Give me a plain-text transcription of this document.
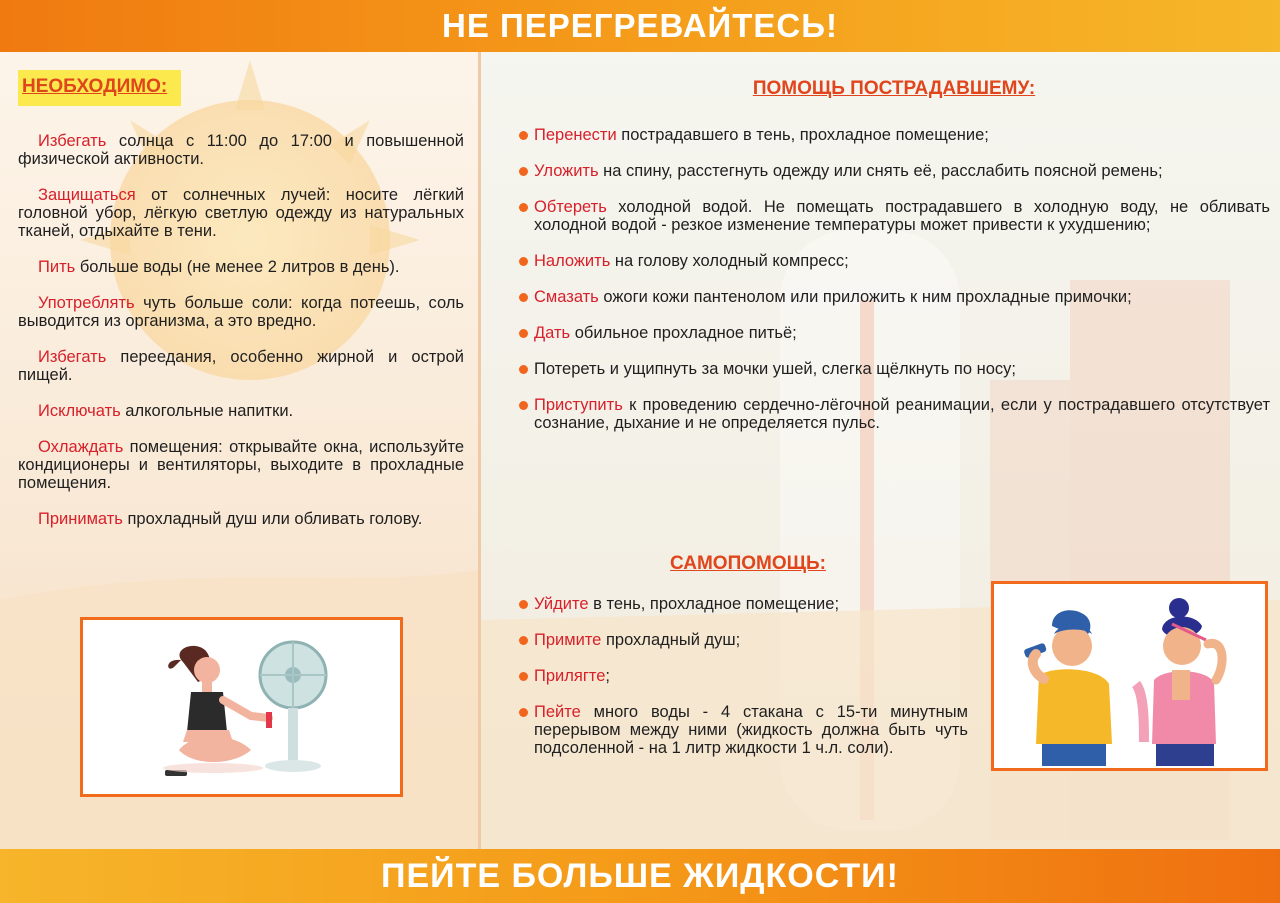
НЕ ПЕРЕГРЕВАЙТЕСЬ!
НЕОБХОДИМО:

Избегать солнца с 11:00 до 17:00 и повышенной физической активности.

Защищаться от солнечных лучей: носите лёгкий головной убор, лёгкую светлую одежду из натуральных тканей, отдыхайте в тени.

Пить больше воды (не менее 2 литров в день).

Употреблять чуть больше соли: когда потеешь, соль выводится из организма, а это вредно.

Избегать переедания, особенно жирной и острой пищей.

Исключать алкогольные напитки.

Охлаждать помещения: открывайте окна, используйте кондиционеры и вентиляторы, выходите в прохладные помещения.

Принимать прохладный душ или обливать голову.

ПОМОЩЬ ПОСТРАДАВШЕМУ:
Перенести пострадавшего в тень, прохладное помещение;
Уложить на спину, расстегнуть одежду или снять её, расслабить поясной ремень;
Обтереть холодной водой. Не помещать пострадавшего в холодную воду, не обливать холодной водой - резкое изменение температуры может привести к ухудшению;
Наложить на голову холодный компресс;
Смазать ожоги кожи пантенолом или приложить к ним прохладные примочки;
Дать обильное прохладное питьё;
Потереть и ущипнуть за мочки ушей, слегка щёлкнуть по носу;
Приступить к проведению сердечно-лёгочной реанимации, если у пострадавшего отсутствует сознание, дыхание и не определяется пульс.
САМОПОМОЩЬ:
Уйдите в тень, прохладное помещение;
Примите прохладный душ;
Прилягте;
Пейте много воды - 4 стакана с 15-ти минутным перерывом между ними (жидкость должна быть чуть подсоленной - на 1 литр жидкости 1 ч.л. соли).
ПЕЙТЕ БОЛЬШЕ ЖИДКОСТИ!
